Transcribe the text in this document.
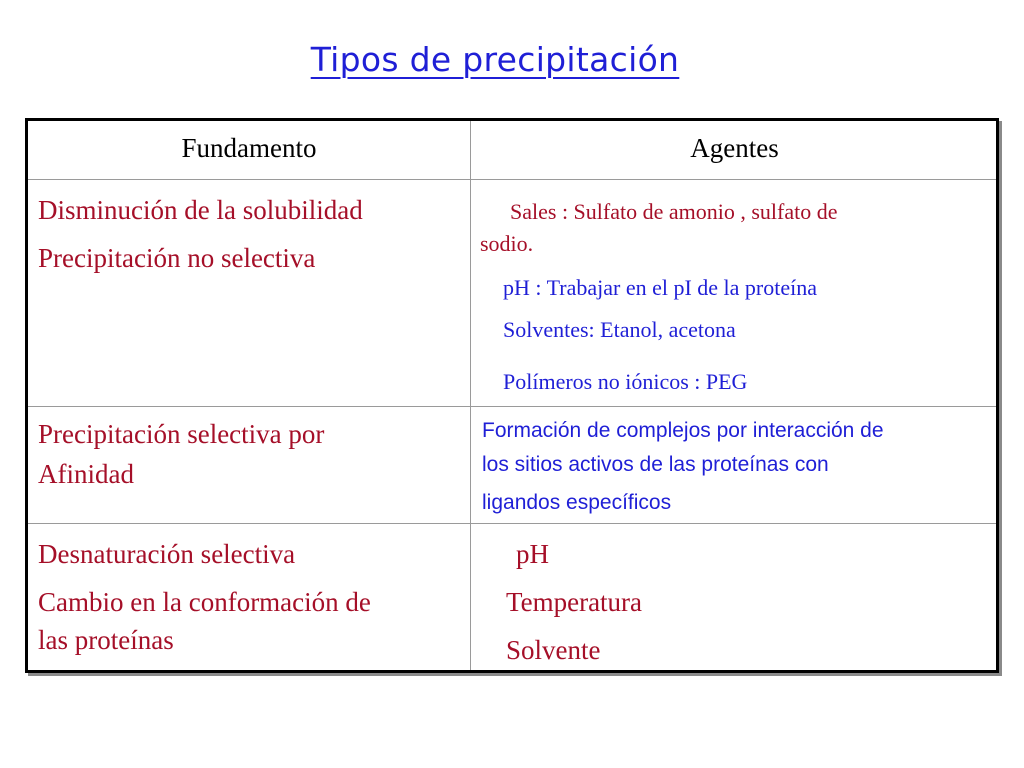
Tipos de precipitación
Fundamento	Agentes
Disminución de la solubilidad
Precipitación no selectiva
Sales : Sulfato de amonio , sulfato de
sodio.
pH : Trabajar en el pI de la proteína
Solventes: Etanol, acetona
Polímeros no iónicos : PEG
Precipitación selectiva por
Afinidad
Formación de complejos por interacción de
los sitios activos de las proteínas con
ligandos específicos
Desnaturación selectiva
Cambio en la conformación de
las proteínas
pH
Temperatura
Solvente
